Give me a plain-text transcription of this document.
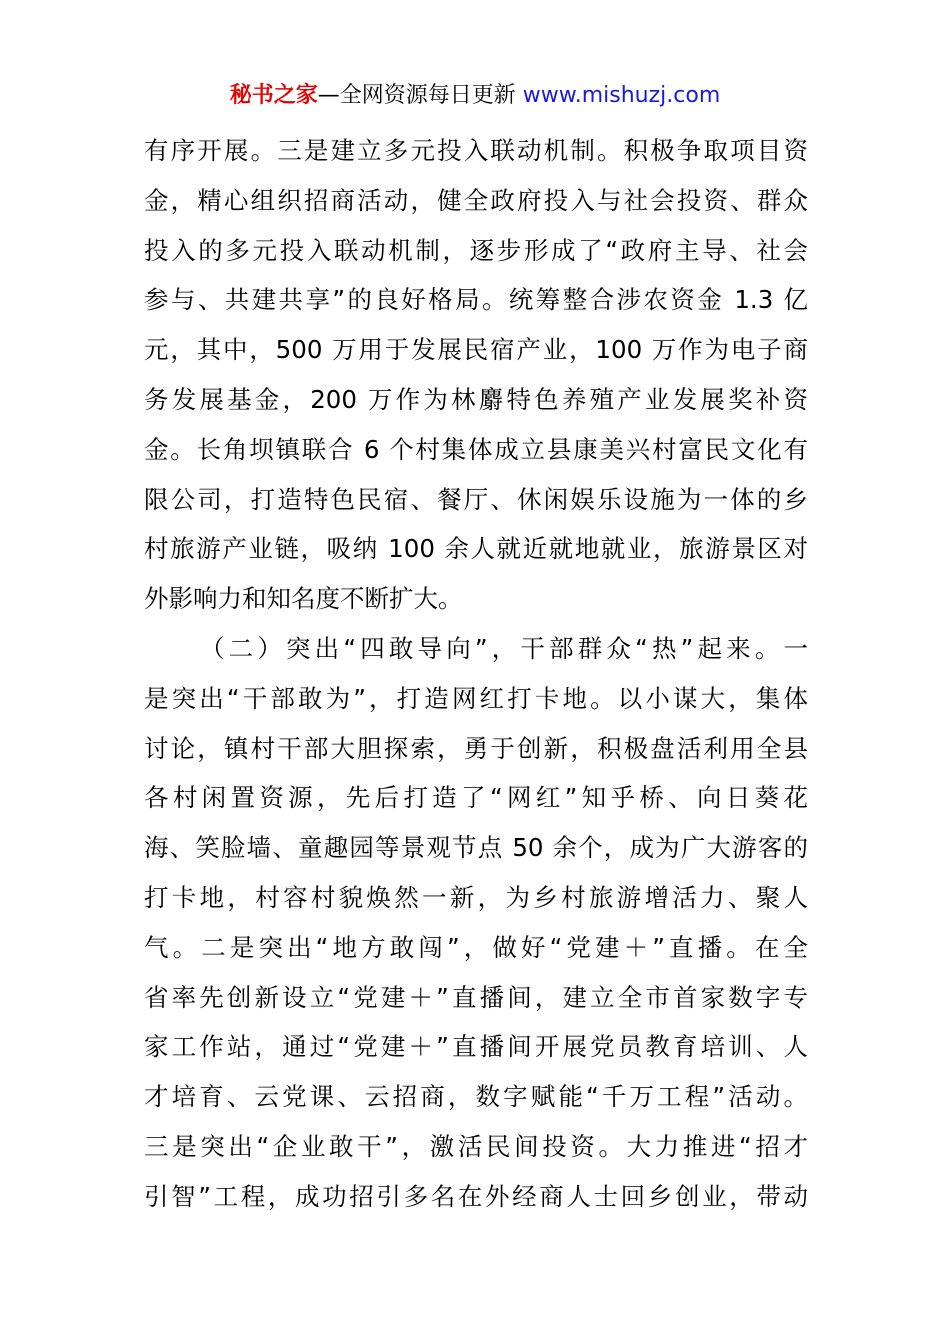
秘书之家—全网资源每日更新 www.mishuzj.com
有序开展。三是建立多元投入联动机制。积极争取项目资
金，精心组织招商活动，健全政府投入与社会投资、群众
投入的多元投入联动机制，逐步形成了“政府主导、社会
参与、共建共享”的良好格局。统筹整合涉农资金 1.3 亿
元，其中，500 万用于发展民宿产业，100 万作为电子商
务发展基金，200 万作为林麝特色养殖产业发展奖补资
金。长角坝镇联合 6 个村集体成立县康美兴村富民文化有
限公司，打造特色民宿、餐厅、休闲娱乐设施为一体的乡
村旅游产业链，吸纳 100 余人就近就地就业，旅游景区对
外影响力和知名度不断扩大。
（二）突出“四敢导向”，干部群众“热”起来。一
是突出“干部敢为”，打造网红打卡地。以小谋大，集体
讨论，镇村干部大胆探索，勇于创新，积极盘活利用全县
各村闲置资源，先后打造了“网红”知乎桥、向日葵花
海、笑脸墙、童趣园等景观节点 50 余个，成为广大游客的
打卡地，村容村貌焕然一新，为乡村旅游增活力、聚人
气。二是突出“地方敢闯”，做好“党建＋”直播。在全
省率先创新设立“党建＋”直播间，建立全市首家数字专
家工作站，通过“党建＋”直播间开展党员教育培训、人
才培育、云党课、云招商，数字赋能“千万工程”活动。
三是突出“企业敢干”，激活民间投资。大力推进“招才
引智”工程，成功招引多名在外经商人士回乡创业，带动
